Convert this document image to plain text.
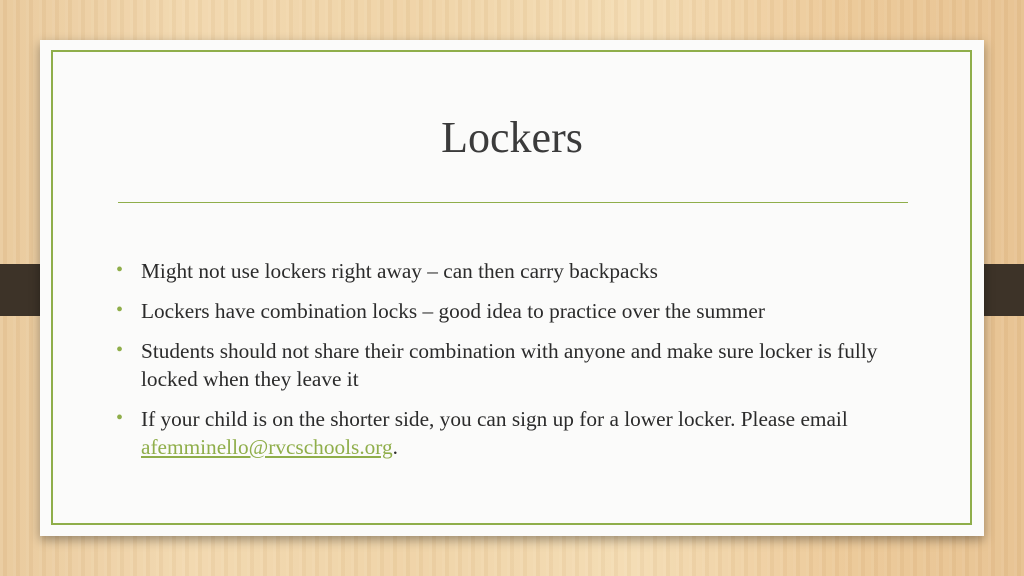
Lockers
• Might not use lockers right away – can then carry backpacks
• Lockers have combination locks – good idea to practice over the summer
• Students should not share their combination with anyone and make sure locker is fully locked when they leave it
• If your child is on the shorter side, you can sign up for a lower locker. Please email afemminello@rvcschools.org.
